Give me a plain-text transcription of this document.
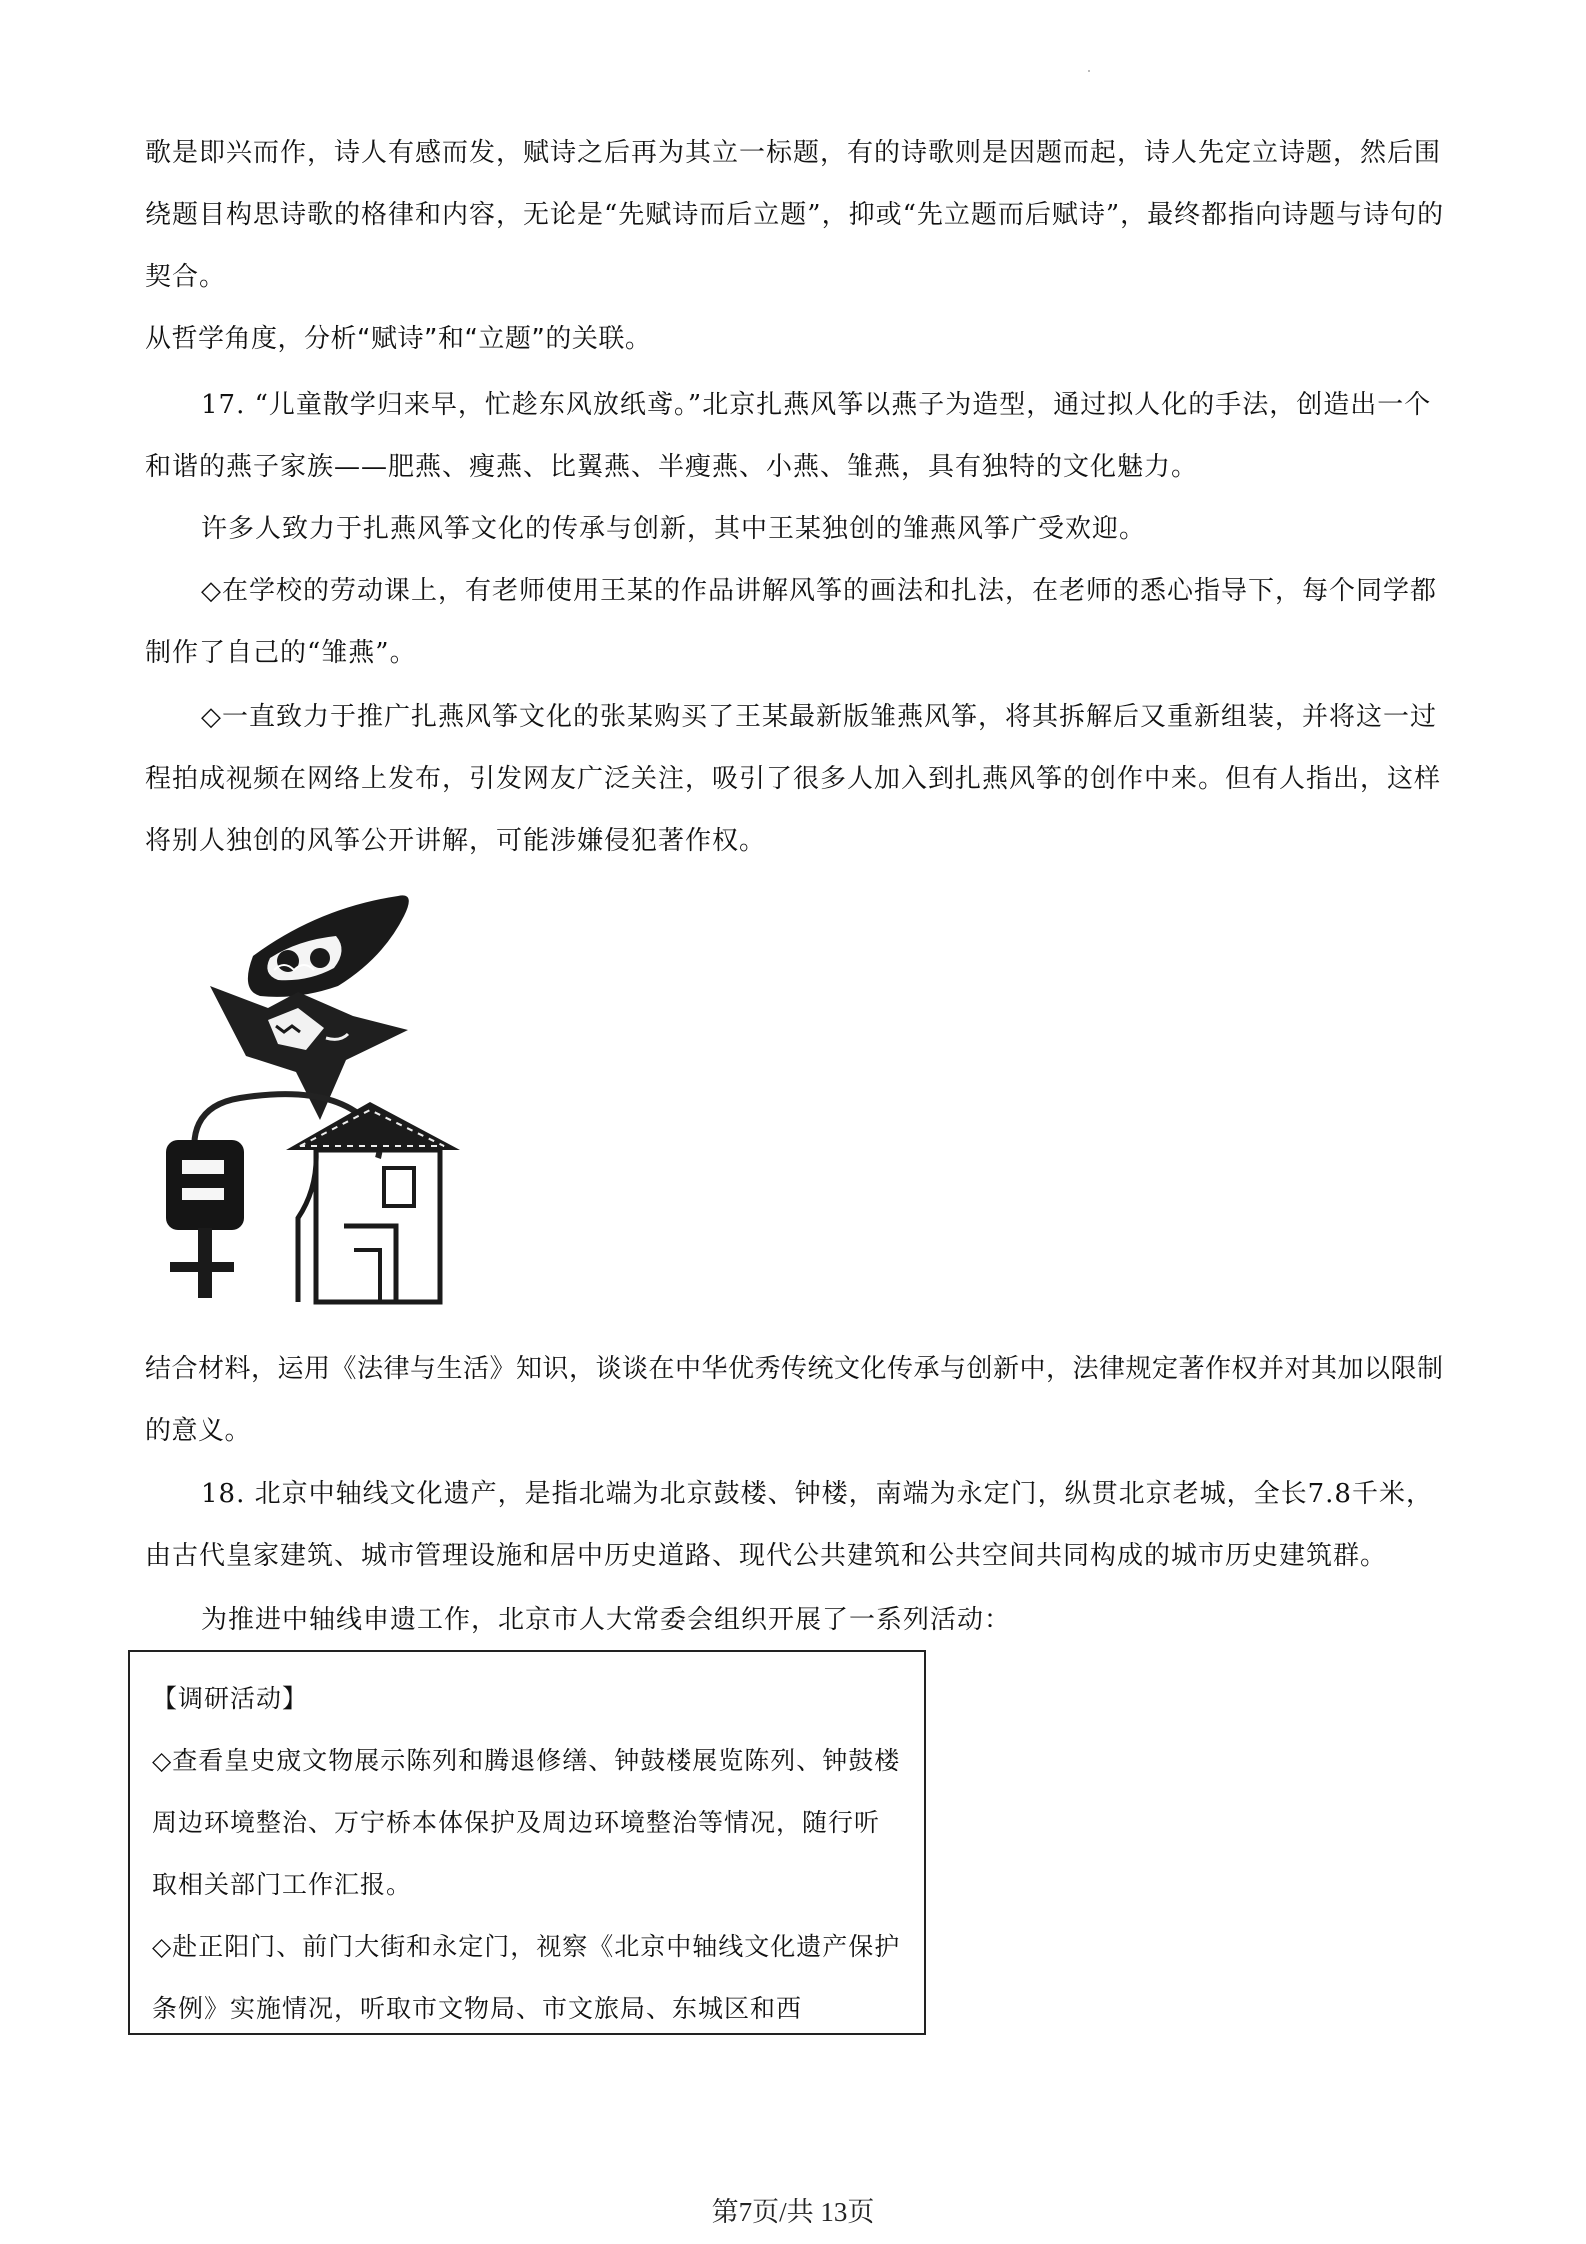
歌是即兴而作，诗人有感而发，赋诗之后再为其立一标题，有的诗歌则是因题而起，诗人先定立诗题，然后围绕题目构思诗歌的格律和内容，无论是“先赋诗而后立题”，抑或“先立题而后赋诗”，最终都指向诗题与诗句的契合。
从哲学角度，分析“赋诗”和“立题”的关联。
17. “儿童散学归来早，忙趁东风放纸鸢。”北京扎燕风筝以燕子为造型，通过拟人化的手法，创造出一个和谐的燕子家族——肥燕、瘦燕、比翼燕、半瘦燕、小燕、雏燕，具有独特的文化魅力。
许多人致力于扎燕风筝文化的传承与创新，其中王某独创的雏燕风筝广受欢迎。
◇在学校的劳动课上，有老师使用王某的作品讲解风筝的画法和扎法，在老师的悉心指导下，每个同学都制作了自己的“雏燕”。
◇一直致力于推广扎燕风筝文化的张某购买了王某最新版雏燕风筝，将其拆解后又重新组装，并将这一过程拍成视频在网络上发布，引发网友广泛关注，吸引了很多人加入到扎燕风筝的创作中来。但有人指出，这样将别人独创的风筝公开讲解，可能涉嫌侵犯著作权。
结合材料，运用《法律与生活》知识，谈谈在中华优秀传统文化传承与创新中，法律规定著作权并对其加以限制的意义。
18. 北京中轴线文化遗产，是指北端为北京鼓楼、钟楼，南端为永定门，纵贯北京老城，全长7.8千米，由古代皇家建筑、城市管理设施和居中历史道路、现代公共建筑和公共空间共同构成的城市历史建筑群。
为推进中轴线申遗工作，北京市人大常委会组织开展了一系列活动：
【调研活动】
◇查看皇史宬文物展示陈列和腾退修缮、钟鼓楼展览陈列、钟鼓楼周边环境整治、万宁桥本体保护及周边环境整治等情况，随行听取相关部门工作汇报。
◇赴正阳门、前门大街和永定门，视察《北京中轴线文化遗产保护条例》实施情况，听取市文物局、市文旅局、东城区和西
第7页/共 13页
